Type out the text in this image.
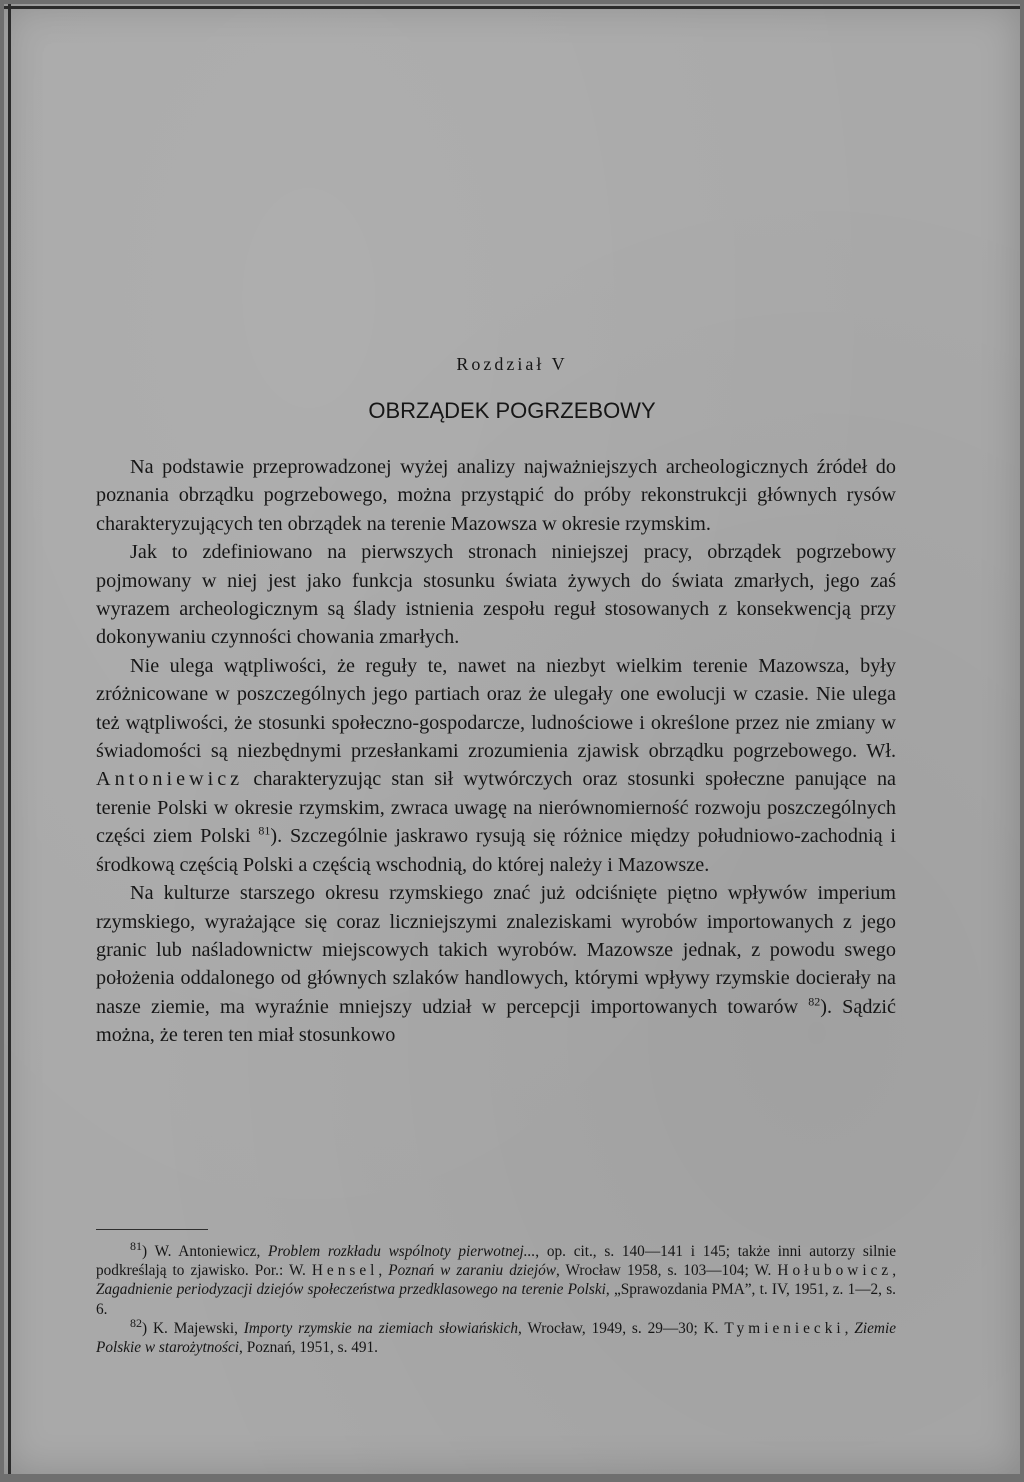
Rozdział V
OBRZĄDEK POGRZEBOWY

Na podstawie przeprowadzonej wyżej analizy najważniejszych archeologicznych źródeł do poznania obrządku pogrzebowego, można przystąpić do próby rekonstrukcji głównych rysów charakteryzujących ten obrządek na terenie Mazowsza w okresie rzymskim.

Jak to zdefiniowano na pierwszych stronach niniejszej pracy, obrządek pogrzebowy pojmowany w niej jest jako funkcja stosunku świata żywych do świata zmarłych, jego zaś wyrazem archeologicznym są ślady istnienia zespołu reguł stosowanych z konsekwencją przy dokonywaniu czynności chowania zmarłych.

Nie ulega wątpliwości, że reguły te, nawet na niezbyt wielkim terenie Mazowsza, były zróżnicowane w poszczególnych jego partiach oraz że ulegały one ewolucji w czasie. Nie ulega też wątpliwości, że stosunki społeczno-gospodarcze, ludnościowe i określone przez nie zmiany w świadomości są niezbędnymi przesłankami zrozumienia zjawisk obrządku pogrzebowego. Wł. Antoniewicz charakteryzując stan sił wytwórczych oraz stosunki społeczne panujące na terenie Polski w okresie rzymskim, zwraca uwagę na nierównomierność rozwoju poszczególnych części ziem Polski $^{81}$). Szczególnie jaskrawo rysują się różnice między południowo-zachodnią i środkową częścią Polski a częścią wschodnią, do której należy i Mazowsze.

Na kulturze starszego okresu rzymskiego znać już odciśnięte piętno wpływów imperium rzymskiego, wyrażające się coraz liczniejszymi znaleziskami wyrobów importowanych z jego granic lub naśladownictw miejscowych takich wyrobów. Mazowsze jednak, z powodu swego położenia oddalonego od głównych szlaków handlowych, którymi wpływy rzymskie docierały na nasze ziemie, ma wyraźnie mniejszy udział w percepcji importowanych towarów $^{82}$). Sądzić można, że teren ten miał stosunkowo

$^{81}$) W. Antoniewicz, Problem rozkładu wspólnoty pierwotnej..., op. cit., s. 140—141 i 145; także inni autorzy silnie podkreślają to zjawisko. Por.: W. Hensel, Poznań w zaraniu dziejów, Wrocław 1958, s. 103—104; W. Hołubowicz, Zagadnienie periodyzacji dziejów społeczeństwa przedklasowego na terenie Polski, „Sprawozdania PMA”, t. IV, 1951, z. 1—2, s. 6.

$^{82}$) K. Majewski, Importy rzymskie na ziemiach słowiańskich, Wrocław, 1949, s. 29—30; K. Tymieniecki, Ziemie Polskie w starożytności, Poznań, 1951, s. 491.
